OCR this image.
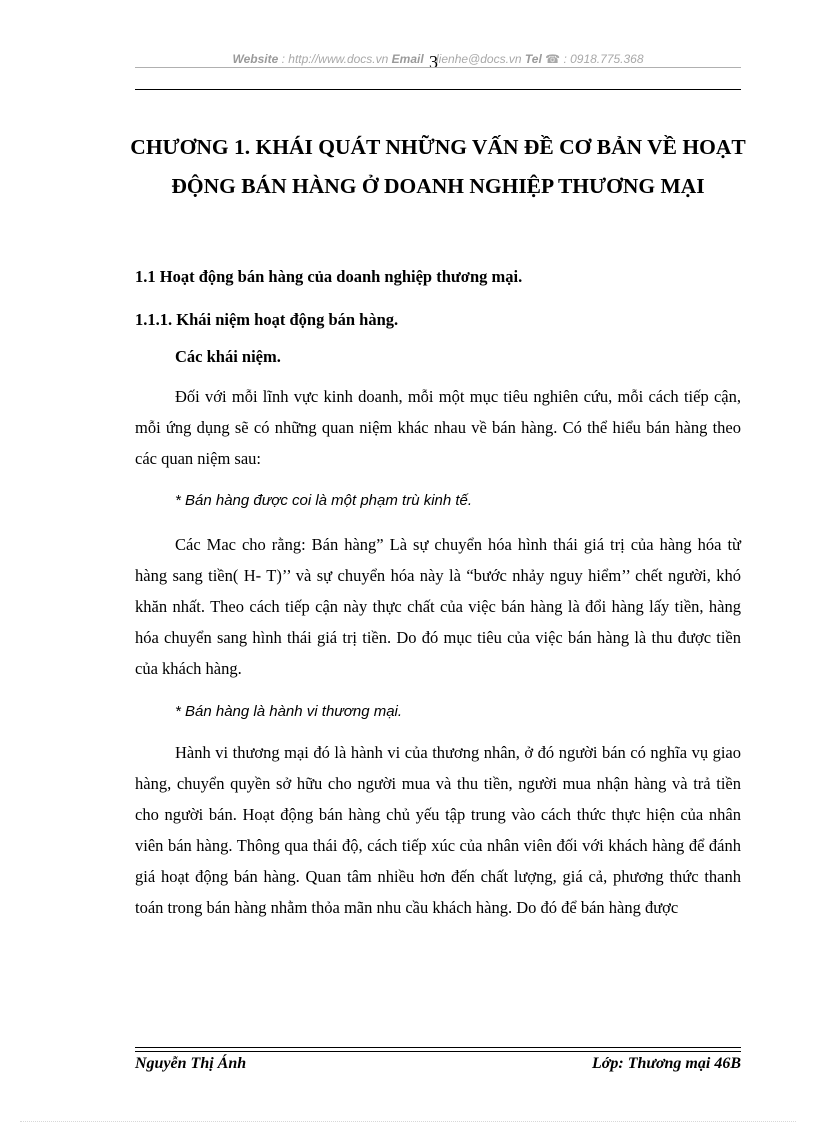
Website : http://www.docs.vn Email 3lienhe@docs.vn Tel ☎ : 0918.775.368
CHƯƠNG 1. KHÁI QUÁT NHỮNG VẤN ĐỀ CƠ BẢN VỀ HOẠT ĐỘNG BÁN HÀNG Ở DOANH NGHIỆP THƯƠNG MẠI
1.1 Hoạt động bán hàng của doanh nghiệp thương mại.
1.1.1. Khái niệm hoạt động bán hàng.
Các khái niệm.
Đối với mỗi lĩnh vực kinh doanh, mỗi một mục tiêu nghiên cứu, mỗi cách tiếp cận, mỗi ứng dụng sẽ có những quan niệm khác nhau về bán hàng. Có thể hiểu bán hàng theo các quan niệm sau:
* Bán hàng được coi là một phạm trù kinh tế.
Các Mac cho rằng: Bán hàng” Là sự chuyển hóa hình thái giá trị của hàng hóa từ hàng sang tiền( H- T)’’ và sự chuyển hóa này là “bước nhảy nguy hiểm’’ chết người, khó khăn nhất. Theo cách tiếp cận này thực chất của việc bán hàng là đổi hàng lấy tiền, hàng hóa chuyển sang hình thái giá trị tiền. Do đó mục tiêu của việc bán hàng là thu được tiền của khách hàng.
* Bán hàng là hành vi thương mại.
Hành vi thương mại đó là hành vi của thương nhân, ở đó người bán có nghĩa vụ giao hàng, chuyển quyền sở hữu cho người mua và thu tiền, người mua nhận hàng và trả tiền cho người bán. Hoạt động bán hàng chủ yếu tập trung vào cách thức thực hiện của nhân viên bán hàng. Thông qua thái độ, cách tiếp xúc của nhân viên đối với khách hàng để đánh giá hoạt động bán hàng. Quan tâm nhiều hơn đến chất lượng, giá cả, phương thức thanh toán trong bán hàng nhằm thỏa mãn nhu cầu khách hàng. Do đó để bán hàng được
Nguyễn Thị Ánh	Lớp: Thương mại 46B
